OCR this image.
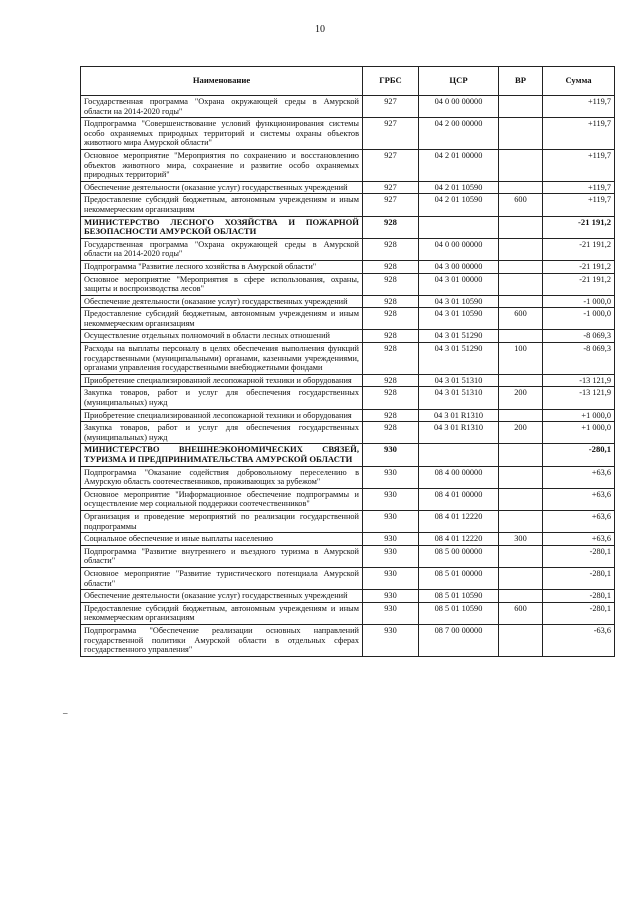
10
Наименование	ГРБС	ЦСР	ВР	Сумма
Государственная программа "Охрана окружающей среды в Амурской области на 2014-2020 годы"	927	04 0 00 00000		+119,7
Подпрограмма "Совершенствование условий функционирования системы особо охраняемых природных территорий и системы охраны объектов животного мира Амурской области"	927	04 2 00 00000		+119,7
Основное мероприятие "Мероприятия по сохранению и восстановлению объектов животного мира, сохранение и развитие особо охраняемых природных территорий"	927	04 2 01 00000		+119,7
Обеспечение деятельности (оказание услуг) государственных учреждений	927	04 2 01 10590		+119,7
Предоставление субсидий бюджетным, автономным учреждениям и иным некоммерческим организациям	927	04 2 01 10590	600	+119,7
МИНИСТЕРСТВО ЛЕСНОГО ХОЗЯЙСТВА И ПОЖАРНОЙ БЕЗОПАСНОСТИ АМУРСКОЙ ОБЛАСТИ	928			-21 191,2
Государственная программа "Охрана окружающей среды в Амурской области на 2014-2020 годы"	928	04 0 00 00000		-21 191,2
Подпрограмма "Развитие лесного хозяйства в Амурской области"	928	04 3 00 00000		-21 191,2
Основное мероприятие "Мероприятия в сфере использования, охраны, защиты и воспроизводства лесов"	928	04 3 01 00000		-21 191,2
Обеспечение деятельности (оказание услуг) государственных учреждений	928	04 3 01 10590		-1 000,0
Предоставление субсидий бюджетным, автономным учреждениям и иным некоммерческим организациям	928	04 3 01 10590	600	-1 000,0
Осуществление отдельных полномочий в области лесных отношений	928	04 3 01 51290		-8 069,3
Расходы на выплаты персоналу в целях обеспечения выполнения функций государственными (муниципальными) органами, казенными учреждениями, органами управления государственными внебюджетными фондами	928	04 3 01 51290	100	-8 069,3
Приобретение специализированной лесопожарной техники и оборудования	928	04 3 01 51310		-13 121,9
Закупка товаров, работ и услуг для обеспечения государственных (муниципальных) нужд	928	04 3 01 51310	200	-13 121,9
Приобретение специализированной лесопожарной техники и оборудования	928	04 3 01 R1310		+1 000,0
Закупка товаров, работ и услуг для обеспечения государственных (муниципальных) нужд	928	04 3 01 R1310	200	+1 000,0
МИНИСТЕРСТВО ВНЕШНЕЭКОНОМИЧЕСКИХ СВЯЗЕЙ, ТУРИЗМА И ПРЕДПРИНИМАТЕЛЬСТВА АМУРСКОЙ ОБЛАСТИ	930			-280,1
Подпрограмма "Оказание содействия добровольному переселению в Амурскую область соотечественников, проживающих за рубежом"	930	08 4 00 00000		+63,6
Основное мероприятие "Информационное обеспечение подпрограммы и осуществление мер социальной поддержки соотечественников"	930	08 4 01 00000		+63,6
Организация и проведение мероприятий по реализации государственной подпрограммы	930	08 4 01 12220		+63,6
Социальное обеспечение и иные выплаты населению	930	08 4 01 12220	300	+63,6
Подпрограмма "Развитие внутреннего и въездного туризма в Амурской области"	930	08 5 00 00000		-280,1
Основное мероприятие "Развитие туристического потенциала Амурской области"	930	08 5 01 00000		-280,1
Обеспечение деятельности (оказание услуг) государственных учреждений	930	08 5 01 10590		-280,1
Предоставление субсидий бюджетным, автономным учреждениям и иным некоммерческим организациям	930	08 5 01 10590	600	-280,1
Подпрограмма "Обеспечение реализации основных направлений государственной политики Амурской области в отдельных сферах государственного управления"	930	08 7 00 00000		-63,6
–
